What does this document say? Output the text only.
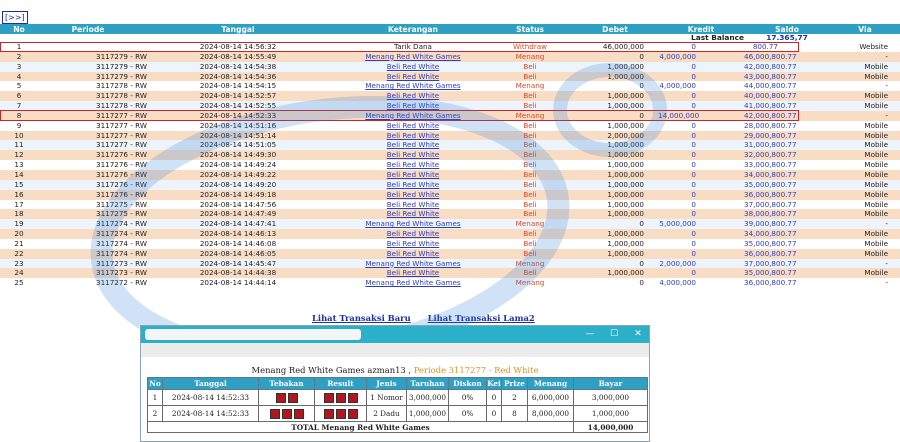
[>>]
No	Periode	Tanggal	Keterangan	Status	Debet	Kredit	Saldo	Via
Last Balance							17.365,77	
1		2024-08-14 14:56:32	Tarik Dana	Withdraw	46,000,000	0	800.77	Website
2	3117279 - RW	2024-08-14 14:55:49	Menang Red White Games	Menang	0	4,000,000	46,000,800.77	-
3	3117279 - RW	2024-08-14 14:54:38	Beli Red White	Beli	1,000,000	0	42,000,800.77	Mobile
4	3117279 - RW	2024-08-14 14:54:36	Beli Red White	Beli	1,000,000	0	43,000,800.77	Mobile
5	3117278 - RW	2024-08-14 14:54:15	Menang Red White Games	Menang	0	4,000,000	44,000,800.77	-
6	3117278 - RW	2024-08-14 14:52:57	Beli Red White	Beli	1,000,000	0	40,000,800.77	Mobile
7	3117278 - RW	2024-08-14 14:52:55	Beli Red White	Beli	1,000,000	0	41,000,800.77	Mobile
8	3117277 - RW	2024-08-14 14:52:33	Menang Red White Games	Menang	0	14,000,000	42,000,800.77	-
9	3117277 - RW	2024-08-14 14:51:16	Beli Red White	Beli	1,000,000	0	28,000,800.77	Mobile
10	3117277 - RW	2024-08-14 14:51:14	Beli Red White	Beli	2,000,000	0	29,000,800.77	Mobile
11	3117277 - RW	2024-08-14 14:51:05	Beli Red White	Beli	1,000,000	0	31,000,800.77	Mobile
12	3117276 - RW	2024-08-14 14:49:30	Beli Red White	Beli	1,000,000	0	32,000,800.77	Mobile
13	3117276 - RW	2024-08-14 14:49:24	Beli Red White	Beli	1,000,000	0	33,000,800.77	Mobile
14	3117276 - RW	2024-08-14 14:49:22	Beli Red White	Beli	1,000,000	0	34,000,800.77	Mobile
15	3117276 - RW	2024-08-14 14:49:20	Beli Red White	Beli	1,000,000	0	35,000,800.77	Mobile
16	3117276 - RW	2024-08-14 14:49:18	Beli Red White	Beli	1,000,000	0	36,000,800.77	Mobile
17	3117275 - RW	2024-08-14 14:47:56	Beli Red White	Beli	1,000,000	0	37,000,800.77	Mobile
18	3117275 - RW	2024-08-14 14:47:49	Beli Red White	Beli	1,000,000	0	38,000,800.77	Mobile
19	3117274 - RW	2024-08-14 14:47:41	Menang Red White Games	Menang	0	5,000,000	39,000,800.77	-
20	3117274 - RW	2024-08-14 14:46:13	Beli Red White	Beli	1,000,000	0	34,000,800.77	Mobile
21	3117274 - RW	2024-08-14 14:46:08	Beli Red White	Beli	1,000,000	0	35,000,800.77	Mobile
22	3117274 - RW	2024-08-14 14:46:05	Beli Red White	Beli	1,000,000	0	36,000,800.77	Mobile
23	3117273 - RW	2024-08-14 14:45:47	Menang Red White Games	Menang	0	2,000,000	37,000,800.77	-
24	3117273 - RW	2024-08-14 14:44:38	Beli Red White	Beli	1,000,000	0	35,000,800.77	Mobile
25	3117272 - RW	2024-08-14 14:44:14	Menang Red White Games	Menang	0	4,000,000	36,000,800.77	-
Lihat Transaksi Baru Lihat Transaksi Lama2
—	☐	✕
Menang Red White Games azman13 , Periode 3117277 - Red White
No	Tanggal	Tebakan	Result	Jenis	Taruhan	Diskon	Kei	Prize	Menang	Bayar
1	2024-08-14 14:52:33			1 Nomor	3,000,000	0%	0	2	6,000,000	3,000,000
2	2024-08-14 14:52:33			2 Dadu	1,000,000	0%	0	8	8,000,000	1,000,000
TOTAL Menang Red White Games										14,000,000
